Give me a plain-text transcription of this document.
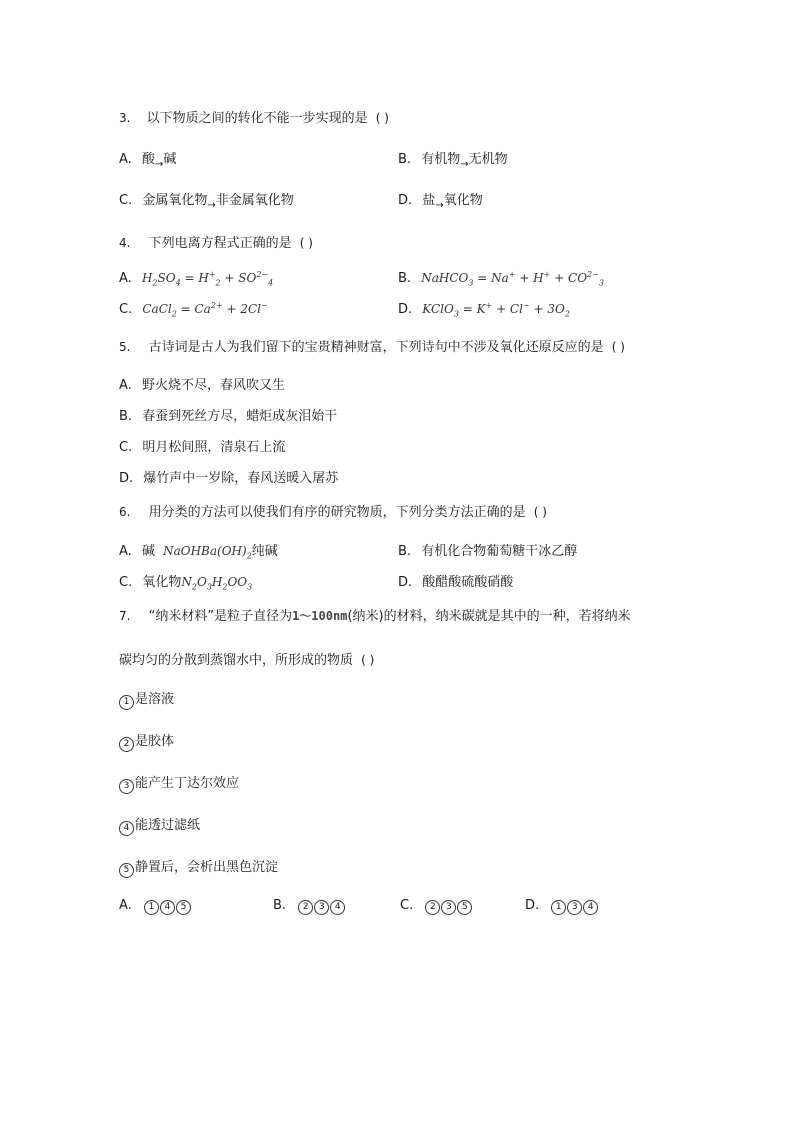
3. 以下物质之间的转化不能一步实现的是 ( )
A. 酸$_\to$碱	B. 有机物$_\to$无机物
C. 金属氧化物$_\to$非金属氧化物	D. 盐$_\to$氧化物
4. 下列电离方程式正确的是 ( )
A. $H_2SO_4 = H^+_2 + SO^{2-}_4$	B. NaHCO$_3$ = $Na^+ + H^+ + CO^{2-}_3$
C. CaCl$_2$ = $Ca^{2+} + 2Cl^-$	D. KClO$_3$ = $K^+ + Cl^- + 3O_2$
5. 古诗词是古人为我们留下的宝贵精神财富，下列诗句中不涉及氧化还原反应的是 ( )
A. 野火烧不尽，春风吹又生
B. 春蚕到死丝方尽，蜡炬成灰泪始干
C. 明月松间照，清泉石上流
D. 爆竹声中一岁除，春风送暖入屠苏
6. 用分类的方法可以使我们有序的研究物质，下列分类方法正确的是 ( )
A. 碱 $NaOHBa(OH)_2$纯碱	B. 有机化合物葡萄糖干冰乙醇
C. 氧化物$N_2O_3H_2OO_3$	D. 酸醋酸硫酸硝酸
7. “纳米材料”是粒子直径为1～100nm(纳米)的材料，纳米碳就是其中的一种，若将纳米
碳均匀的分散到蒸馏水中，所形成的物质 ( )
1 是溶液
2 是胶体
3 能产生丁达尔效应
4 能透过滤纸
5 静置后，会析出黑色沉淀
A. 1 4 5	B. 2 3 4	C. 2 3 5	D. 1 3 4
